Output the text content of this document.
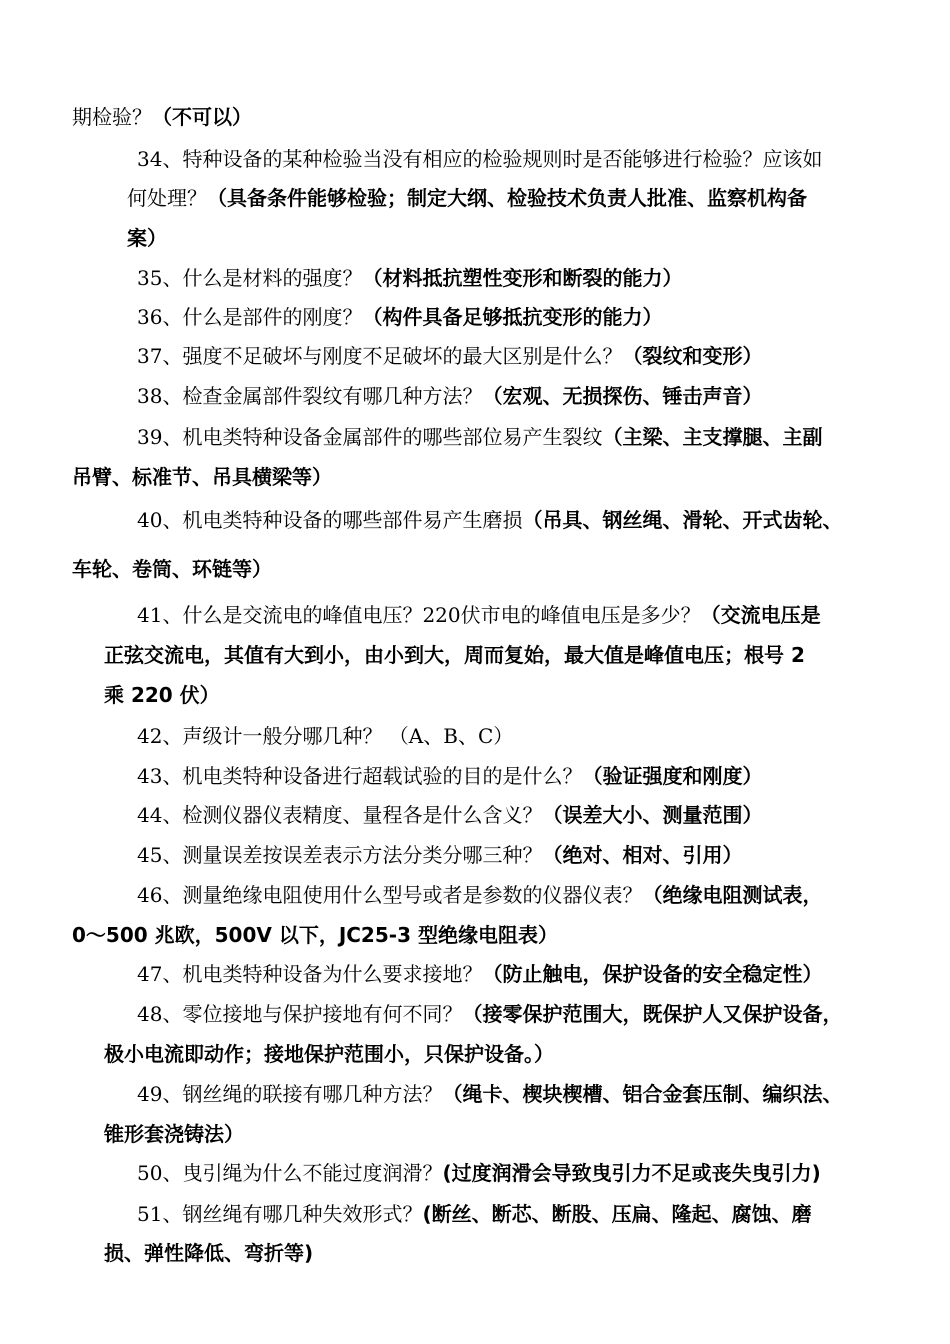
期检验？（不可以）
34、特种设备的某种检验当没有相应的检验规则时是否能够进行检验？应该如
何处理？（具备条件能够检验；制定大纲、检验技术负责人批准、监察机构备
案）
35、什么是材料的强度？（材料抵抗塑性变形和断裂的能力）
36、什么是部件的刚度？（构件具备足够抵抗变形的能力）
37、强度不足破坏与刚度不足破坏的最大区别是什么？（裂纹和变形）
38、检查金属部件裂纹有哪几种方法？（宏观、无损探伤、锤击声音）
39、机电类特种设备金属部件的哪些部位易产生裂纹（主梁、主支撑腿、主副
吊臂、标准节、吊具横梁等）
40、机电类特种设备的哪些部件易产生磨损（吊具、钢丝绳、滑轮、开式齿轮、
车轮、卷筒、环链等）
41、什么是交流电的峰值电压？220伏市电的峰值电压是多少？（交流电压是
正弦交流电，其值有大到小，由小到大，周而复始，最大值是峰值电压；根号 2
乘 220 伏）
42、声级计一般分哪几种？ （A、B、C）
43、机电类特种设备进行超载试验的目的是什么？（验证强度和刚度）
44、检测仪器仪表精度、量程各是什么含义？（误差大小、测量范围）
45、测量误差按误差表示方法分类分哪三种？（绝对、相对、引用）
46、测量绝缘电阻使用什么型号或者是参数的仪器仪表？（绝缘电阻测试表，
0～500 兆欧，500V 以下，JC25-3 型绝缘电阻表）
47、机电类特种设备为什么要求接地？（防止触电，保护设备的安全稳定性）
48、零位接地与保护接地有何不同？（接零保护范围大，既保护人又保护设备，
极小电流即动作；接地保护范围小，只保护设备。）
49、钢丝绳的联接有哪几种方法？（绳卡、楔块楔槽、铝合金套压制、编织法、
锥形套浇铸法）
50、曳引绳为什么不能过度润滑？(过度润滑会导致曳引力不足或丧失曳引力)
51、钢丝绳有哪几种失效形式？(断丝、断芯、断股、压扁、隆起、腐蚀、磨
损、弹性降低、弯折等)
